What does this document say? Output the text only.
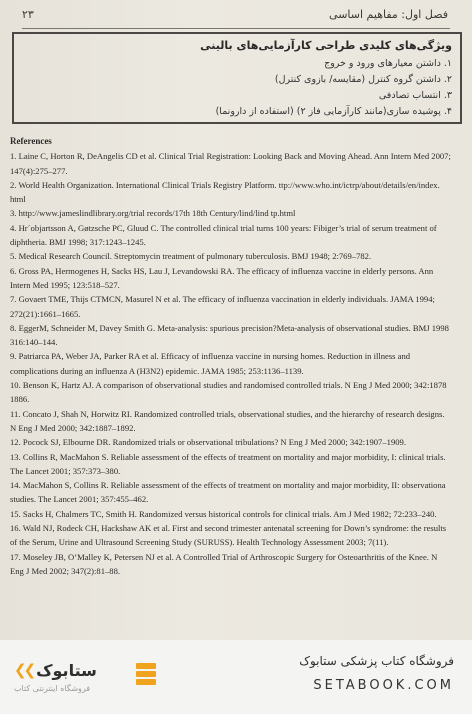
فصل اول: مفاهیم اساسی
۲۳
ویژگی‌های کلیدی طراحی کارآزمایی‌های بالینی
۱. داشتن معیارهای ورود و خروج
۲. داشتن گروه کنترل (مقایسه/ بازوی کنترل)
۳. انتساب تصادفی
۴. پوشیده سازی(مانند کارآزمایی فاز ۲) (استفاده از دارونما)
References
1. Laine C, Horton R, DeAngelis CD et al. Clinical Trial Registration: Looking Back and Moving Ahead. Ann Intern Med 2007;
147(4):275–277.
2. World Health Organization. International Clinical Trials Registry Platform. ttp://www.who.int/ictrp/about/details/en/index.
html
3. http://www.jameslindlibrary.org/trial records/17th 18th Century/lind/lind tp.html
4. Hr´objartsson A, Gøtzsche PC, Gluud C. The controlled clinical trial turns 100 years: Fibiger’s trial of serum treatment of
diphtheria. BMJ 1998; 317:1243–1245.
5. Medical Research Council. Streptomycin treatment of pulmonary tuberculosis. BMJ 1948; 2:769–782.
6. Gross PA, Hermogenes H, Sacks HS, Lau J, Levandowski RA. The efficacy of influenza vaccine in elderly persons. Ann
Intern Med 1995; 123:518–527.
7. Govaert TME, Thijs CTMCN, Masurel N et al. The efficacy of influenza vaccination in elderly individuals. JAMA 1994;
272(21):1661–1665.
8. EggerM, Schneider M, Davey Smith G. Meta-analysis: spurious precision?Meta-analysis of observational studies. BMJ 1998
316:140–144.
9. Patriarca PA, Weber JA, Parker RA et al. Efficacy of influenza vaccine in nursing homes. Reduction in illness and
complications during an influenza A (H3N2) epidemic. JAMA 1985; 253:1136–1139.
10. Benson K, Hartz AJ. A comparison of observational studies and randomised controlled trials. N Eng J Med 2000; 342:1878
1886.
11. Concato J, Shah N, Horwitz RI. Randomized controlled trials, observational studies, and the hierarchy of research designs.
N Eng J Med 2000; 342:1887–1892.
12. Pocock SJ, Elbourne DR. Randomized trials or observational tribulations? N Eng J Med 2000; 342:1907–1909.
13. Collins R, MacMahon S. Reliable assessment of the effects of treatment on mortality and major morbidity, I: clinical trials.
The Lancet 2001; 357:373–380.
14. MacMahon S, Collins R. Reliable assessment of the effects of treatment on mortality and major morbidity, II: observationa
studies. The Lancet 2001; 357:455–462.
15. Sacks H, Chalmers TC, Smith H. Randomized versus historical controls for clinical trials. Am J Med 1982; 72:233–240.
16. Wald NJ, Rodeck CH, Hackshaw AK et al. First and second trimester antenatal screening for Down’s syndrome: the results
of the Serum, Urine and Ultrasound Screening Study (SURUSS). Health Technology Assessment 2003; 7(11).
17. Moseley JB, O’Malley K, Petersen NJ et al. A Controlled Trial of Arthroscopic Surgery for Osteoarthritis of the Knee. N
Eng J Med 2002; 347(2):81–88.
❮❮ ستابوک
فروشگاه اینترنتی کتاب
فروشگاه کتاب پزشکی ستابوک
SETABOOK.COM
